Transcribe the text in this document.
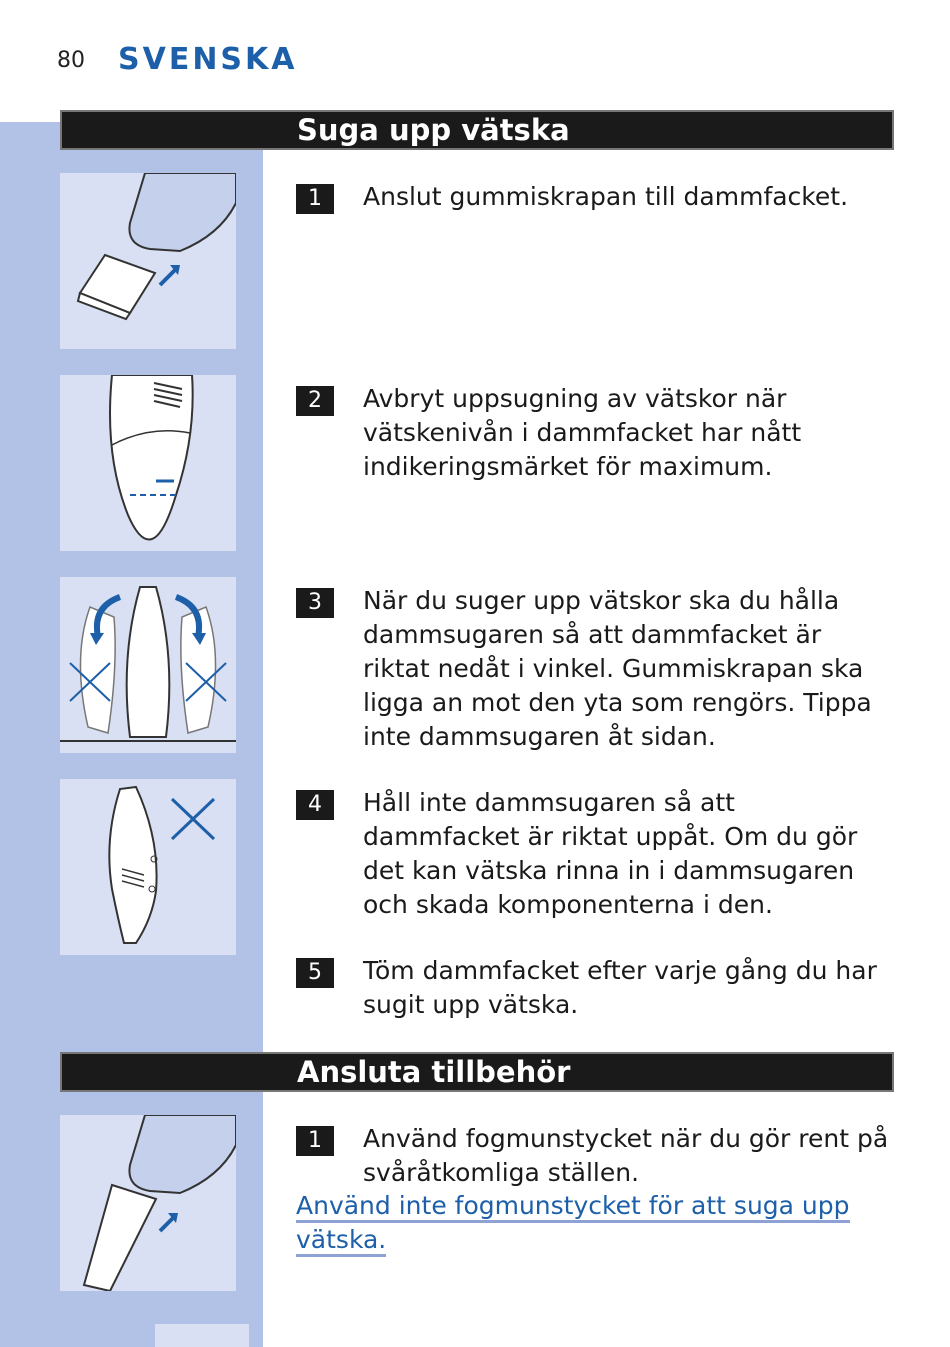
80 SVENSKA
Suga upp vätska
1	Anslut gummiskrapan till dammfacket.
2	Avbryt uppsugning av vätskor när vätskenivån i dammfacket har nått indikeringsmärket för maximum.
3	När du suger upp vätskor ska du hålla dammsugaren så att dammfacket är riktat nedåt i vinkel. Gummiskrapan ska ligga an mot den yta som rengörs. Tippa inte dammsugaren åt sidan.
4	Håll inte dammsugaren så att dammfacket är riktat uppåt. Om du gör det kan vätska rinna in i dammsugaren och skada komponenterna i den.
5	Töm dammfacket efter varje gång du har sugit upp vätska.
Ansluta tillbehör
1	Använd fogmunstycket när du gör rent på svåråtkomliga ställen.
Använd inte fogmunstycket för att suga upp vätska.
